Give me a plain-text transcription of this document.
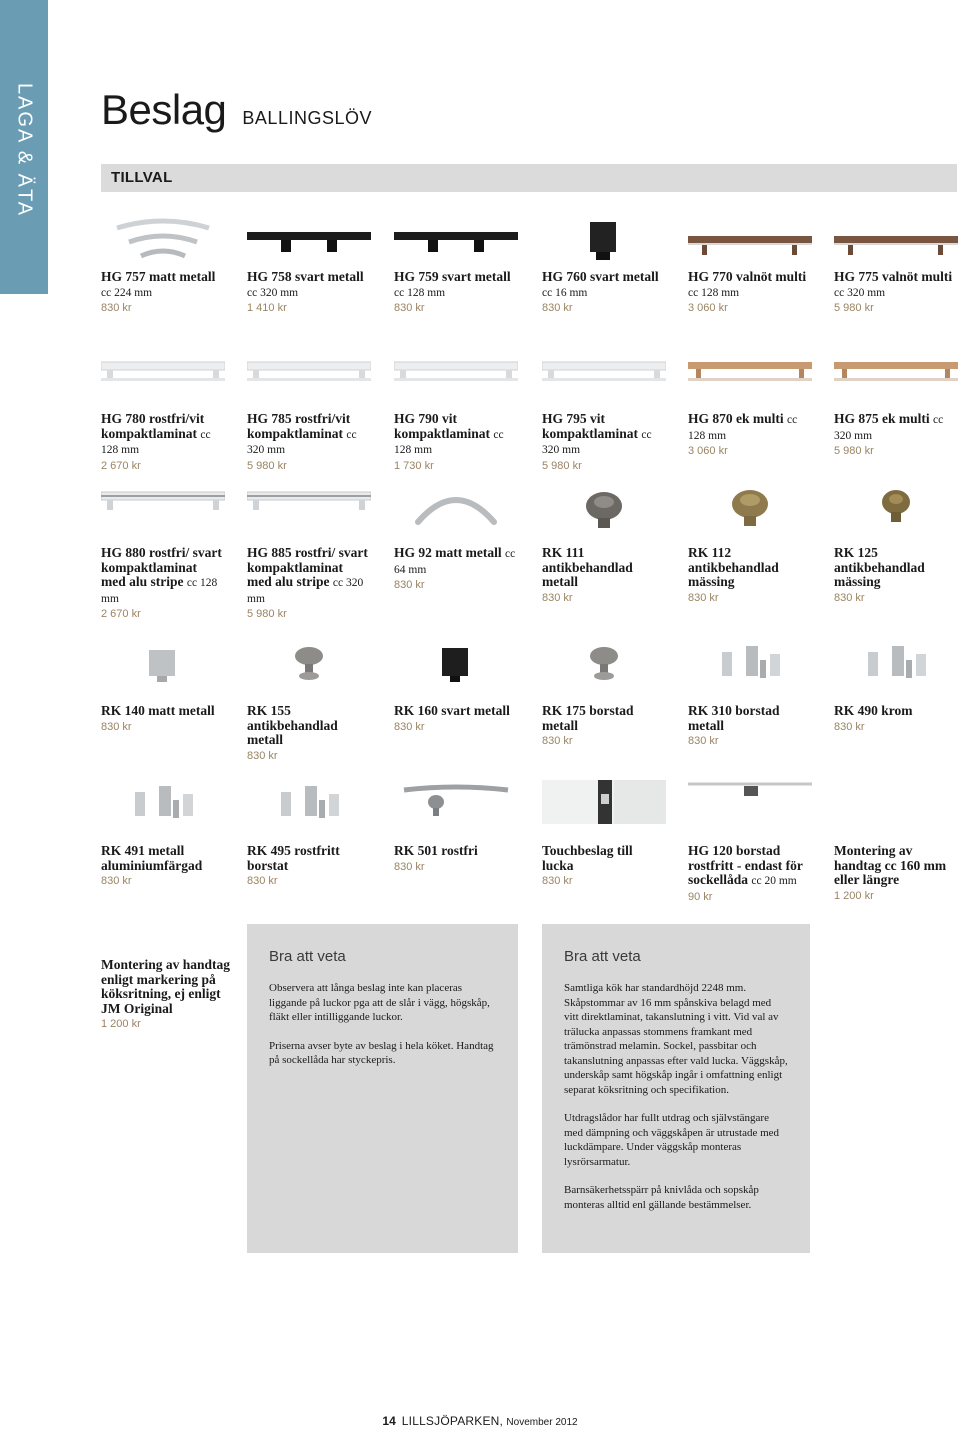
LAGA & ÄTA Beslag BALLINGSLÖV
TILLVAL
HG 757 matt metall cc 224 mm
830 kr
HG 758 svart metall cc 320 mm
1 410 kr
HG 759 svart metall cc 128 mm
830 kr
HG 760 svart metall cc 16 mm
830 kr
HG 770 valnöt multi cc 128 mm
3 060 kr
HG 775 valnöt multi cc 320 mm
5 980 kr
HG 780 rostfri/vit kompaktlaminat cc 128 mm
2 670 kr
HG 785 rostfri/vit kompaktlaminat cc 320 mm
5 980 kr
HG 790 vit kompaktlaminat cc 128 mm
1 730 kr
HG 795 vit kompaktlaminat cc 320 mm
5 980 kr
HG 870 ek multi cc 128 mm
3 060 kr
HG 875 ek multi cc 320 mm
5 980 kr
HG 880 rostfri/ svart kompaktlaminat med alu stripe cc 128 mm
2 670 kr
HG 885 rostfri/ svart kompaktlaminat med alu stripe cc 320 mm
5 980 kr
HG 92 matt metall cc 64 mm
830 kr
RK 111 antikbehandlad metall
830 kr
RK 112 antikbehandlad mässing
830 kr
RK 125 antikbehandlad mässing
830 kr
RK 140 matt metall
830 kr
RK 155 antikbehandlad metall
830 kr
RK 160 svart metall
830 kr
RK 175 borstad metall
830 kr
RK 310 borstad metall
830 kr
RK 490 krom
830 kr
RK 491 metall aluminiumfärgad
830 kr
RK 495 rostfritt borstat
830 kr
RK 501 rostfri
830 kr
Touchbeslag till lucka
830 kr
HG 120 borstad rostfritt - endast för sockellåda cc 20 mm
90 kr
Montering av handtag cc 160 mm eller längre
1 200 kr
Montering av handtag enligt markering på köksritning, ej enligt JM Original
1 200 kr
Bra att veta

Observera att långa beslag inte kan placeras liggande på luckor pga att de slår i vägg, högskåp, fläkt eller intilliggande luckor.

Priserna avser byte av beslag i hela köket. Handtag på sockellåda har styckepris.

Bra att veta

Samtliga kök har standardhöjd 2248 mm. Skåpstommar av 16 mm spånskiva belagd med vitt direktlaminat, takanslutning i vitt. Vid val av trälucka anpassas stommens framkant med trämönstrad melamin. Sockel, passbitar och takanslutning anpassas efter vald lucka. Väggskåp, underskåp samt högskåp ingår i omfattning enligt separat köksritning och specifikation.

Utdragslådor har fullt utdrag och självstängare med dämpning och väggskåpen är utrustade med luckdämpare. Under väggskåp monteras lysrörsarmatur.

Barnsäkerhetsspärr på knivlåda och sopskåp monteras alltid enl gällande bestämmelser.

14 LILLSJÖPARKEN, November 2012
